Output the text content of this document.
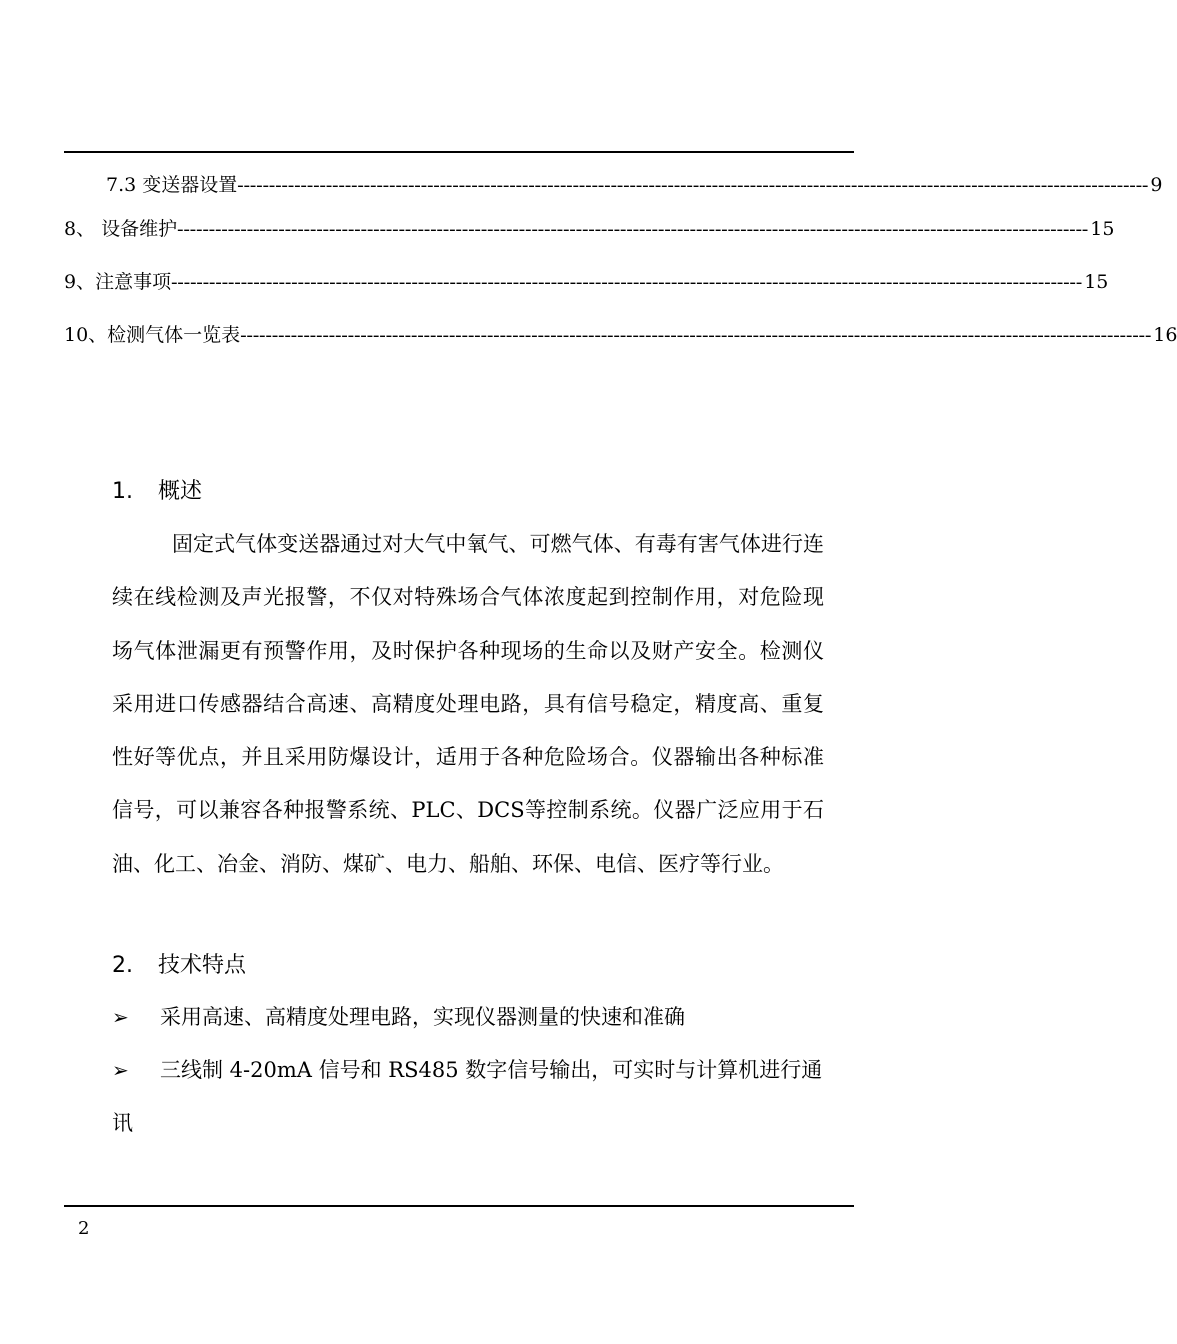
7.3 变送器设置 ------------------------------------------------------------------------------------------------------------------------------------------------ 9
8、 设备维护 ------------------------------------------------------------------------------------------------------------------------------------------------ 15
9、注意事项 ------------------------------------------------------------------------------------------------------------------------------------------------ 15
10、检测气体一览表 ------------------------------------------------------------------------------------------------------------------------------------------------ 16
1. 概述

固定式气体变送器通过对大气中氧气、可燃气体、有毒有害气体进行连续在线检测及声光报警，不仅对特殊场合气体浓度起到控制作用，对危险现场气体泄漏更有预警作用，及时保护各种现场的生命以及财产安全。检测仪采用进口传感器结合高速、高精度处理电路，具有信号稳定，精度高、重复性好等优点，并且采用防爆设计，适用于各种危险场合。仪器输出各种标准信号，可以兼容各种报警系统、PLC、DCS等控制系统。仪器广泛应用于石油、化工、冶金、消防、煤矿、电力、船舶、环保、电信、医疗等行业。

2. 技术特点
➢	采用高速、高精度处理电路，实现仪器测量的快速和准确
➢	三线制 4-20mA 信号和 RS485 数字信号输出，可实时与计算机进行通讯
2
